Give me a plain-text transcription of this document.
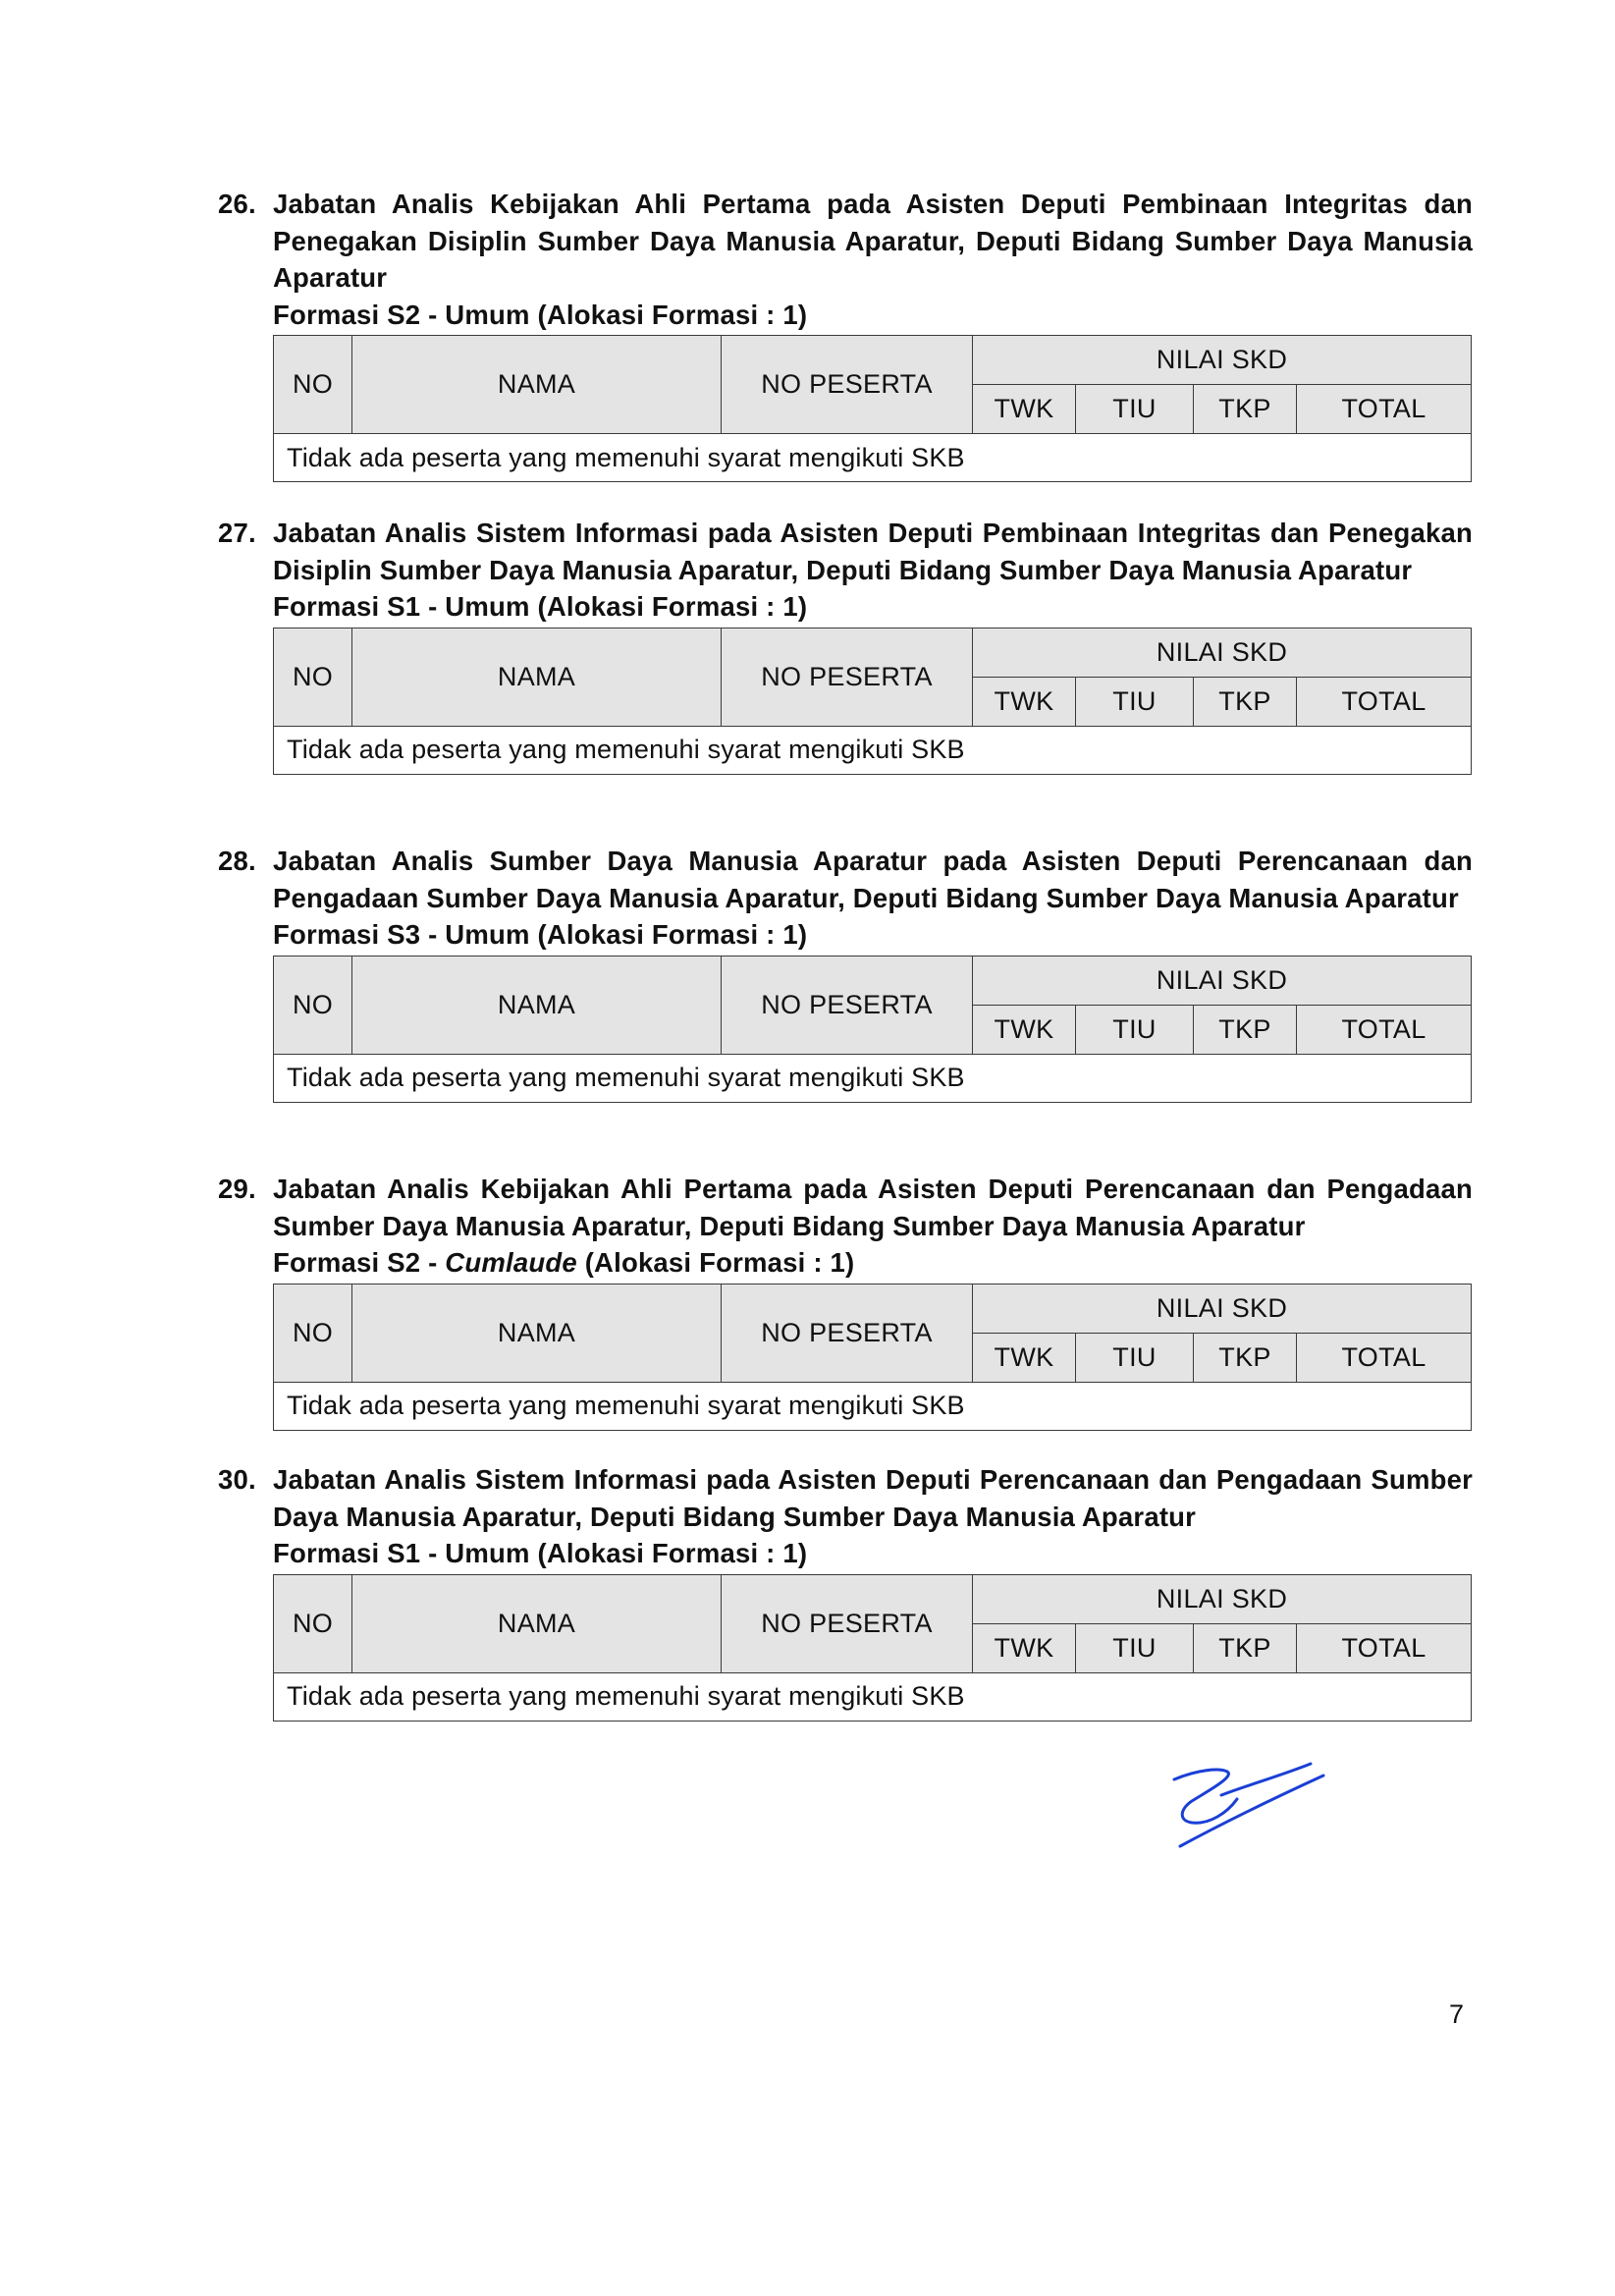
26. Jabatan Analis Kebijakan Ahli Pertama pada Asisten Deputi Pembinaan Integritas dan Penegakan Disiplin Sumber Daya Manusia Aparatur, Deputi Bidang Sumber Daya Manusia Aparatur
Formasi S2 - Umum (Alokasi Formasi : 1)
NO	NAMA	NO PESERTA	NILAI SKD			
			TWK	TIU	TKP	TOTAL
Tidak ada peserta yang memenuhi syarat mengikuti SKB						
27. Jabatan Analis Sistem Informasi pada Asisten Deputi Pembinaan Integritas dan Penegakan Disiplin Sumber Daya Manusia Aparatur, Deputi Bidang Sumber Daya Manusia Aparatur
Formasi S1 - Umum (Alokasi Formasi : 1)
NO	NAMA	NO PESERTA	NILAI SKD			
			TWK	TIU	TKP	TOTAL
Tidak ada peserta yang memenuhi syarat mengikuti SKB						
28. Jabatan Analis Sumber Daya Manusia Aparatur pada Asisten Deputi Perencanaan dan Pengadaan Sumber Daya Manusia Aparatur, Deputi Bidang Sumber Daya Manusia Aparatur
Formasi S3 - Umum (Alokasi Formasi : 1)
NO	NAMA	NO PESERTA	NILAI SKD			
			TWK	TIU	TKP	TOTAL
Tidak ada peserta yang memenuhi syarat mengikuti SKB						
29. Jabatan Analis Kebijakan Ahli Pertama pada Asisten Deputi Perencanaan dan Pengadaan Sumber Daya Manusia Aparatur, Deputi Bidang Sumber Daya Manusia Aparatur
Formasi S2 - Cumlaude (Alokasi Formasi : 1)
NO	NAMA	NO PESERTA	NILAI SKD			
			TWK	TIU	TKP	TOTAL
Tidak ada peserta yang memenuhi syarat mengikuti SKB						
30. Jabatan Analis Sistem Informasi pada Asisten Deputi Perencanaan dan Pengadaan Sumber Daya Manusia Aparatur, Deputi Bidang Sumber Daya Manusia Aparatur
Formasi S1 - Umum (Alokasi Formasi : 1)
NO	NAMA	NO PESERTA	NILAI SKD			
			TWK	TIU	TKP	TOTAL
Tidak ada peserta yang memenuhi syarat mengikuti SKB						
7
